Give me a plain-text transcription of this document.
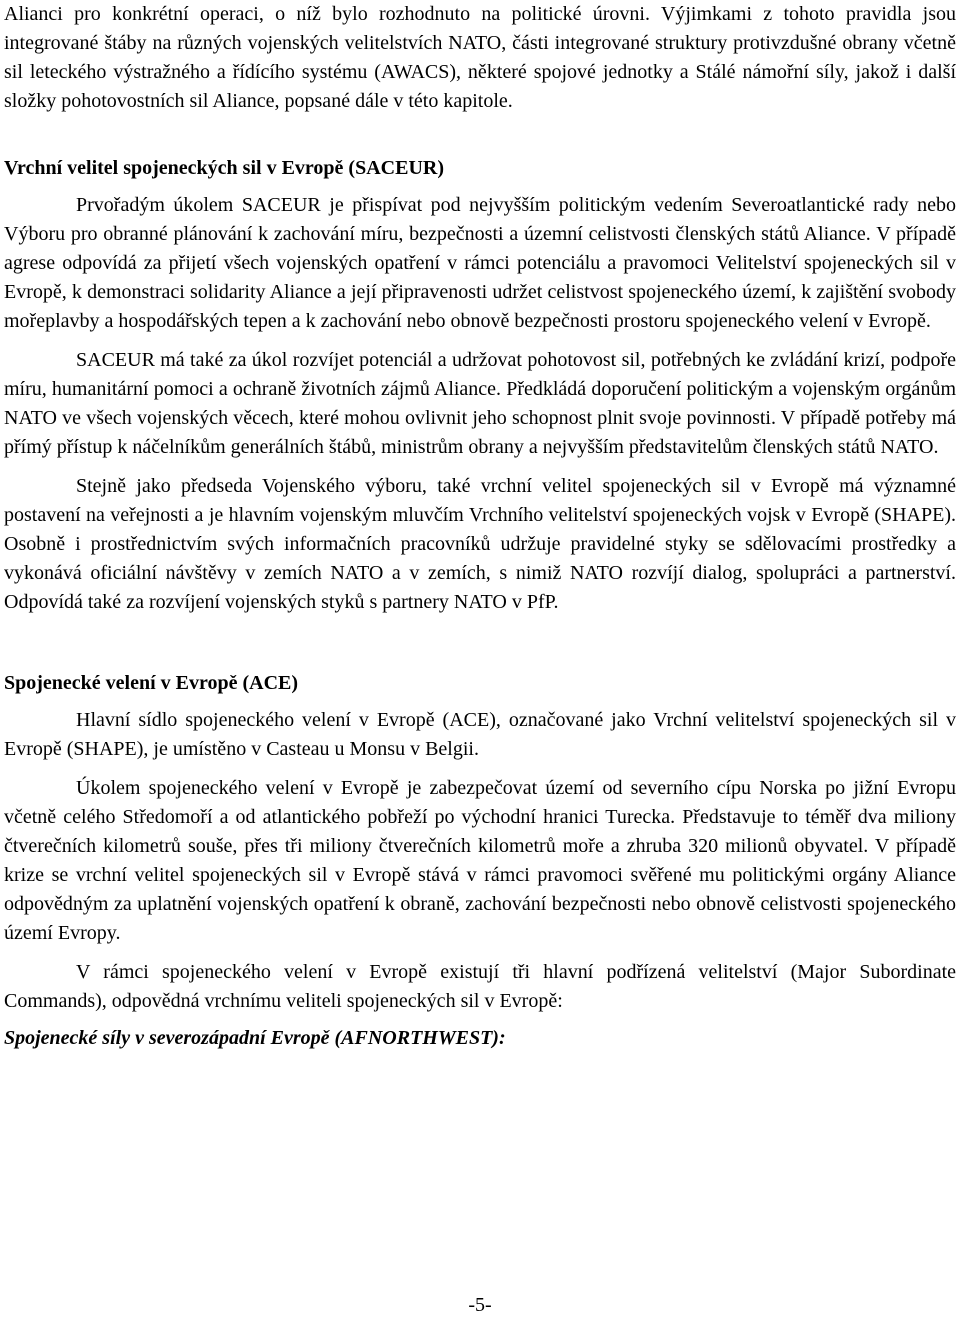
Alianci pro konkrétní operaci, o níž bylo rozhodnuto na politické úrovni. Výjimkami z tohoto pravidla jsou integrované štáby na různých vojenských velitelstvích NATO, části integrované struktury protivzdušné obrany včetně sil leteckého výstražného a řídícího systému (AWACS), některé spojové jednotky a Stálé námořní síly, jakož i další složky pohotovostních sil Aliance, popsané dále v této kapitole.

Vrchní velitel spojeneckých sil v Evropě (SACEUR)

Prvořadým úkolem SACEUR je přispívat pod nejvyšším politickým vedením Severoatlantické rady nebo Výboru pro obranné plánování k zachování míru, bezpečnosti a územní celistvosti členských států Aliance. V případě agrese odpovídá za přijetí všech vojenských opatření v rámci potenciálu a pravomoci Velitelství spojeneckých sil v Evropě, k demonstraci solidarity Aliance a její připravenosti udržet celistvost spojeneckého území, k zajištění svobody mořeplavby a hospodářských tepen a k zachování nebo obnově bezpečnosti prostoru spojeneckého velení v Evropě.

SACEUR má také za úkol rozvíjet potenciál a udržovat pohotovost sil, potřebných ke zvládání krizí, podpoře míru, humanitární pomoci a ochraně životních zájmů Aliance. Předkládá doporučení politickým a vojenským orgánům NATO ve všech vojenských věcech, které mohou ovlivnit jeho schopnost plnit svoje povinnosti. V případě potřeby má přímý přístup k náčelníkům generálních štábů, ministrům obrany a nejvyšším představitelům členských států NATO.

Stejně jako předseda Vojenského výboru, také vrchní velitel spojeneckých sil v Evropě má významné postavení na veřejnosti a je hlavním vojenským mluvčím Vrchního velitelství spojeneckých vojsk v Evropě (SHAPE). Osobně i prostřednictvím svých informačních pracovníků udržuje pravidelné styky se sdělovacími prostředky a vykonává oficiální návštěvy v zemích NATO a v zemích, s nimiž NATO rozvíjí dialog, spolupráci a partnerství. Odpovídá také za rozvíjení vojenských styků s partnery NATO v PfP.

Spojenecké velení v Evropě (ACE)

Hlavní sídlo spojeneckého velení v Evropě (ACE), označované jako Vrchní velitelství spojeneckých sil v Evropě (SHAPE), je umístěno v Casteau u Monsu v Belgii.

Úkolem spojeneckého velení v Evropě je zabezpečovat území od severního cípu Norska po jižní Evropu včetně celého Středomoří a od atlantického pobřeží po východní hranici Turecka. Představuje to téměř dva miliony čtverečních kilometrů souše, přes tři miliony čtverečních kilometrů moře a zhruba 320 milionů obyvatel. V případě krize se vrchní velitel spojeneckých sil v Evropě stává v rámci pravomoci svěřené mu politickými orgány Aliance odpovědným za uplatnění vojenských opatření k obraně, zachování bezpečnosti nebo obnově celistvosti spojeneckého území Evropy.

V rámci spojeneckého velení v Evropě existují tři hlavní podřízená velitelství (Major Subordinate Commands), odpovědná vrchnímu veliteli spojeneckých sil v Evropě:

Spojenecké síly v severozápadní Evropě (AFNORTHWEST):

-5-
